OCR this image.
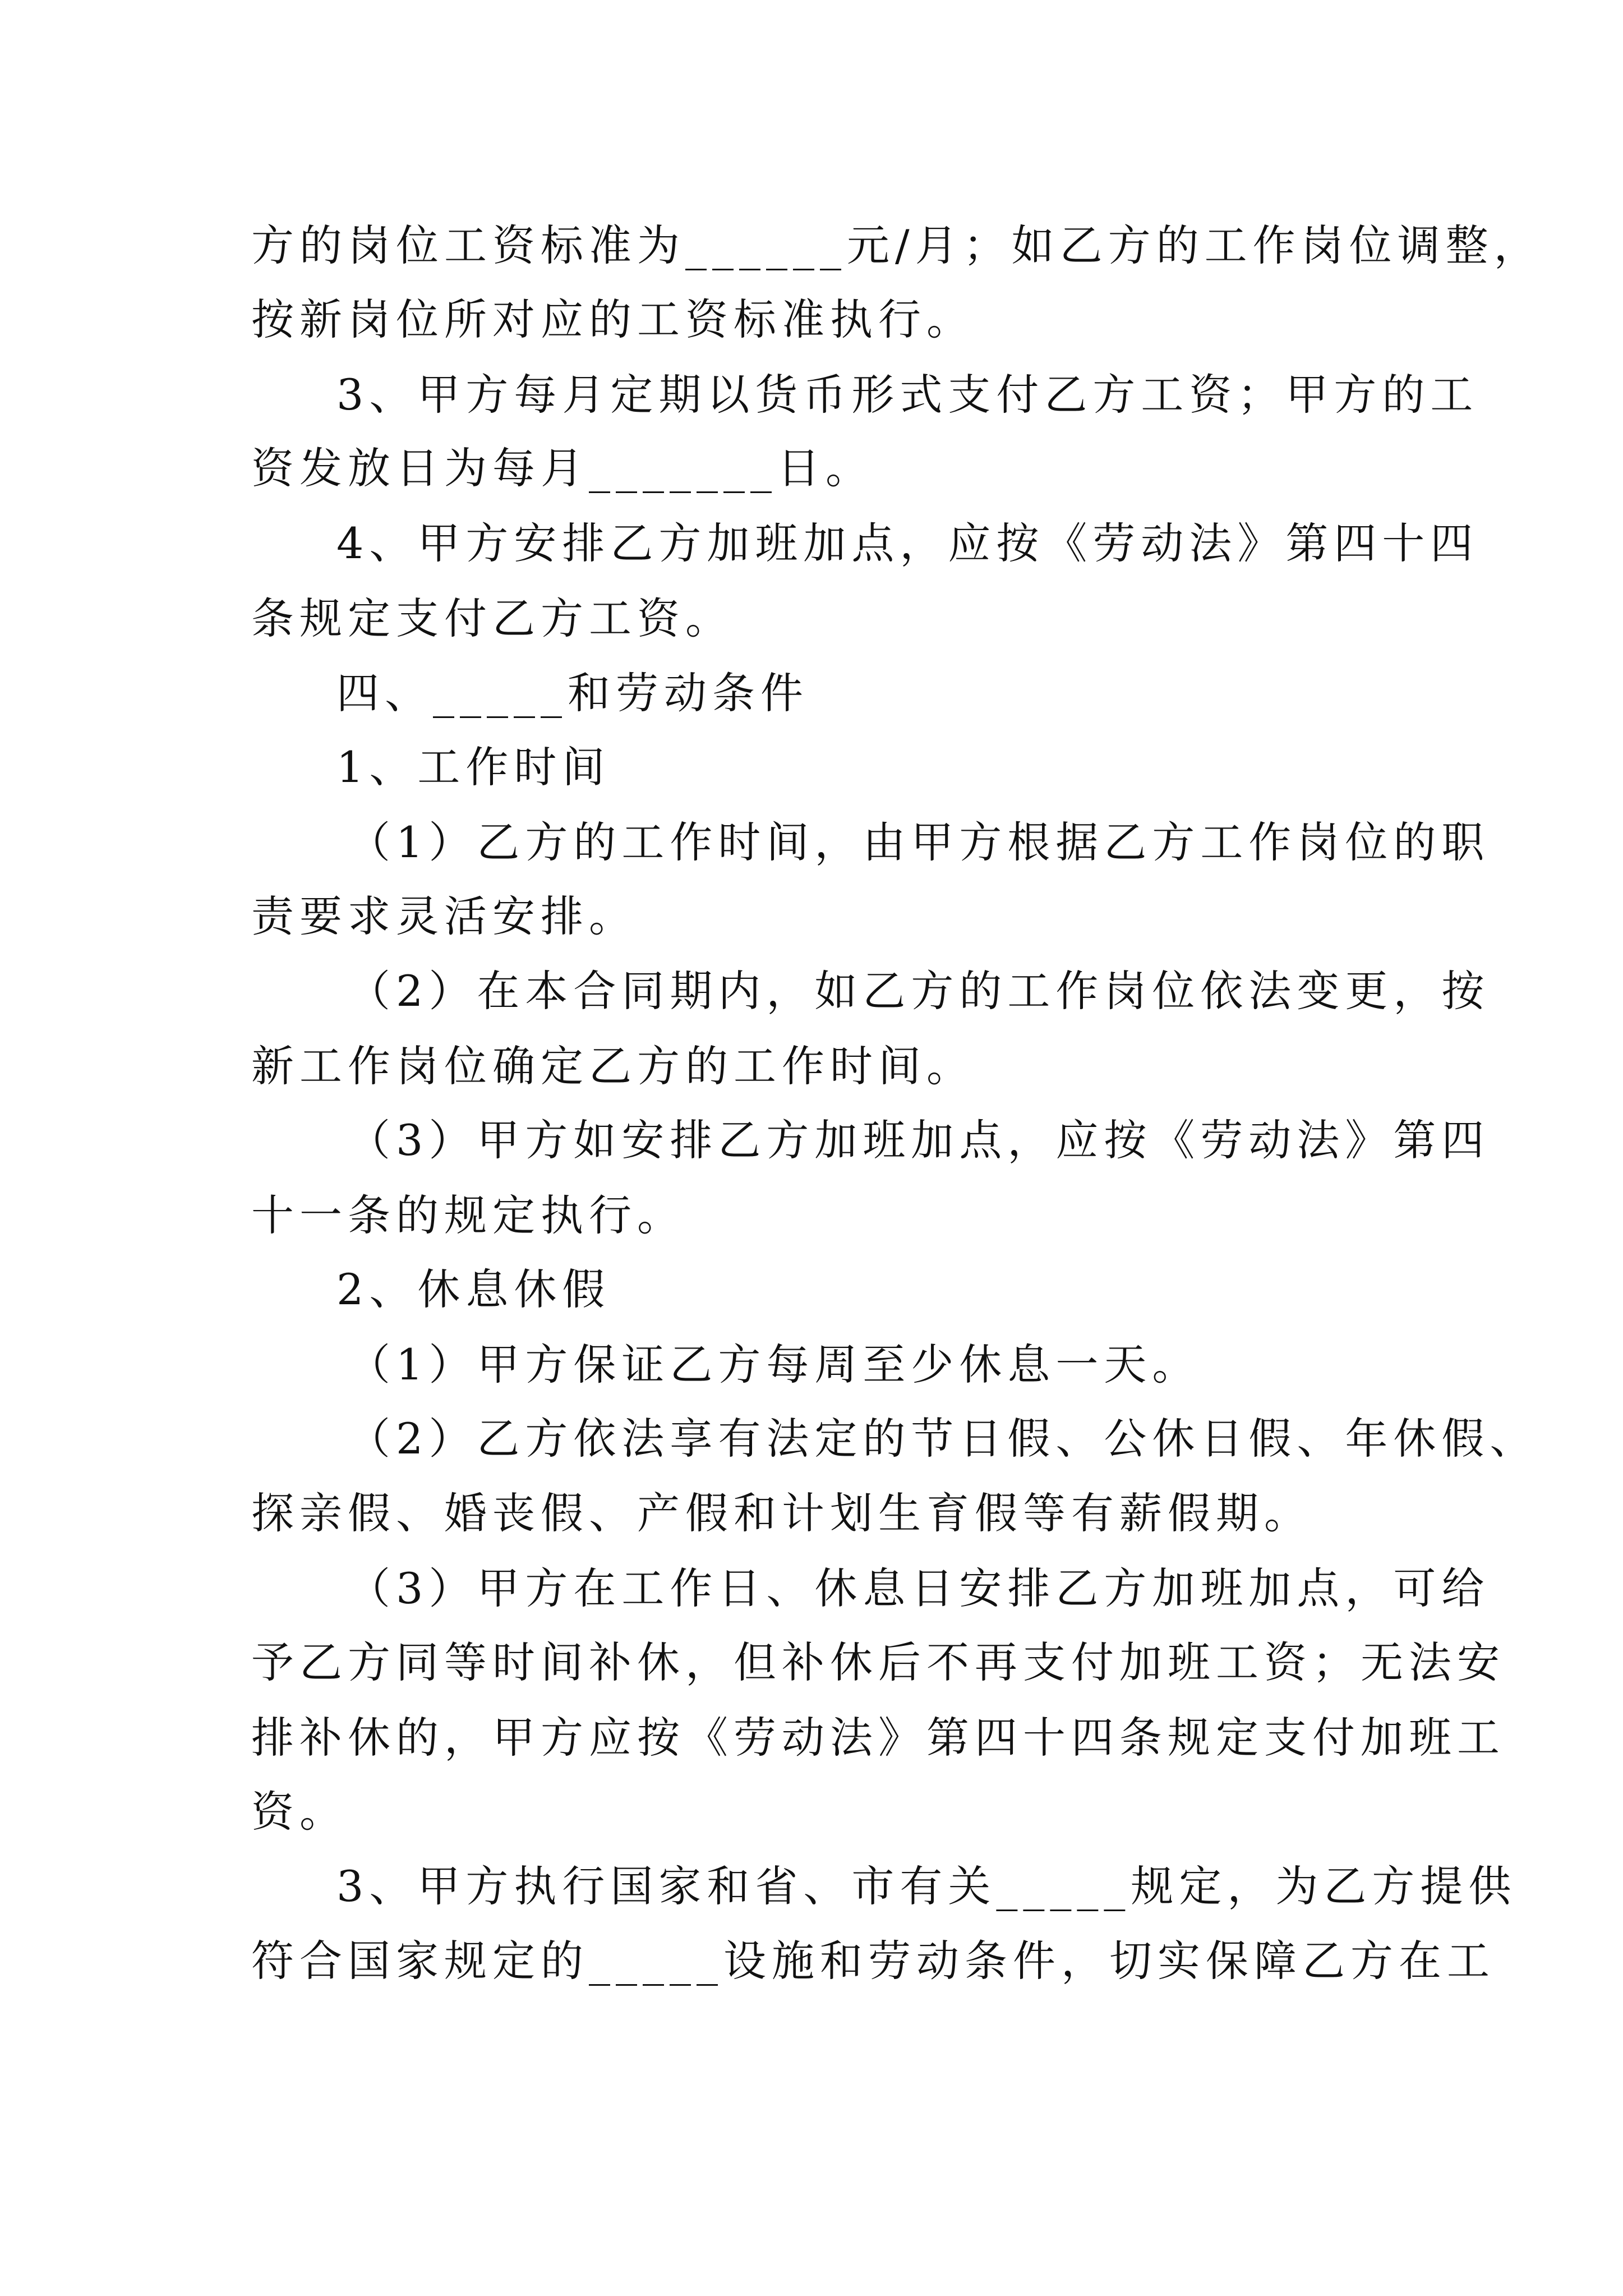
方的岗位工资标准为______元/月；如乙方的工作岗位调整，
按新岗位所对应的工资标准执行。
3、甲方每月定期以货币形式支付乙方工资；甲方的工
资发放日为每月_______日。
4、甲方安排乙方加班加点，应按《劳动法》第四十四
条规定支付乙方工资。
四、_____和劳动条件
1、工作时间
（1）乙方的工作时间，由甲方根据乙方工作岗位的职
责要求灵活安排。
（2）在本合同期内，如乙方的工作岗位依法变更，按
新工作岗位确定乙方的工作时间。
（3）甲方如安排乙方加班加点，应按《劳动法》第四
十一条的规定执行。
2、休息休假
（1）甲方保证乙方每周至少休息一天。
（2）乙方依法享有法定的节日假、公休日假、年休假、
探亲假、婚丧假、产假和计划生育假等有薪假期。
（3）甲方在工作日、休息日安排乙方加班加点，可给
予乙方同等时间补休，但补休后不再支付加班工资；无法安
排补休的，甲方应按《劳动法》第四十四条规定支付加班工
资。
3、甲方执行国家和省、市有关_____规定，为乙方提供
符合国家规定的_____设施和劳动条件，切实保障乙方在工
